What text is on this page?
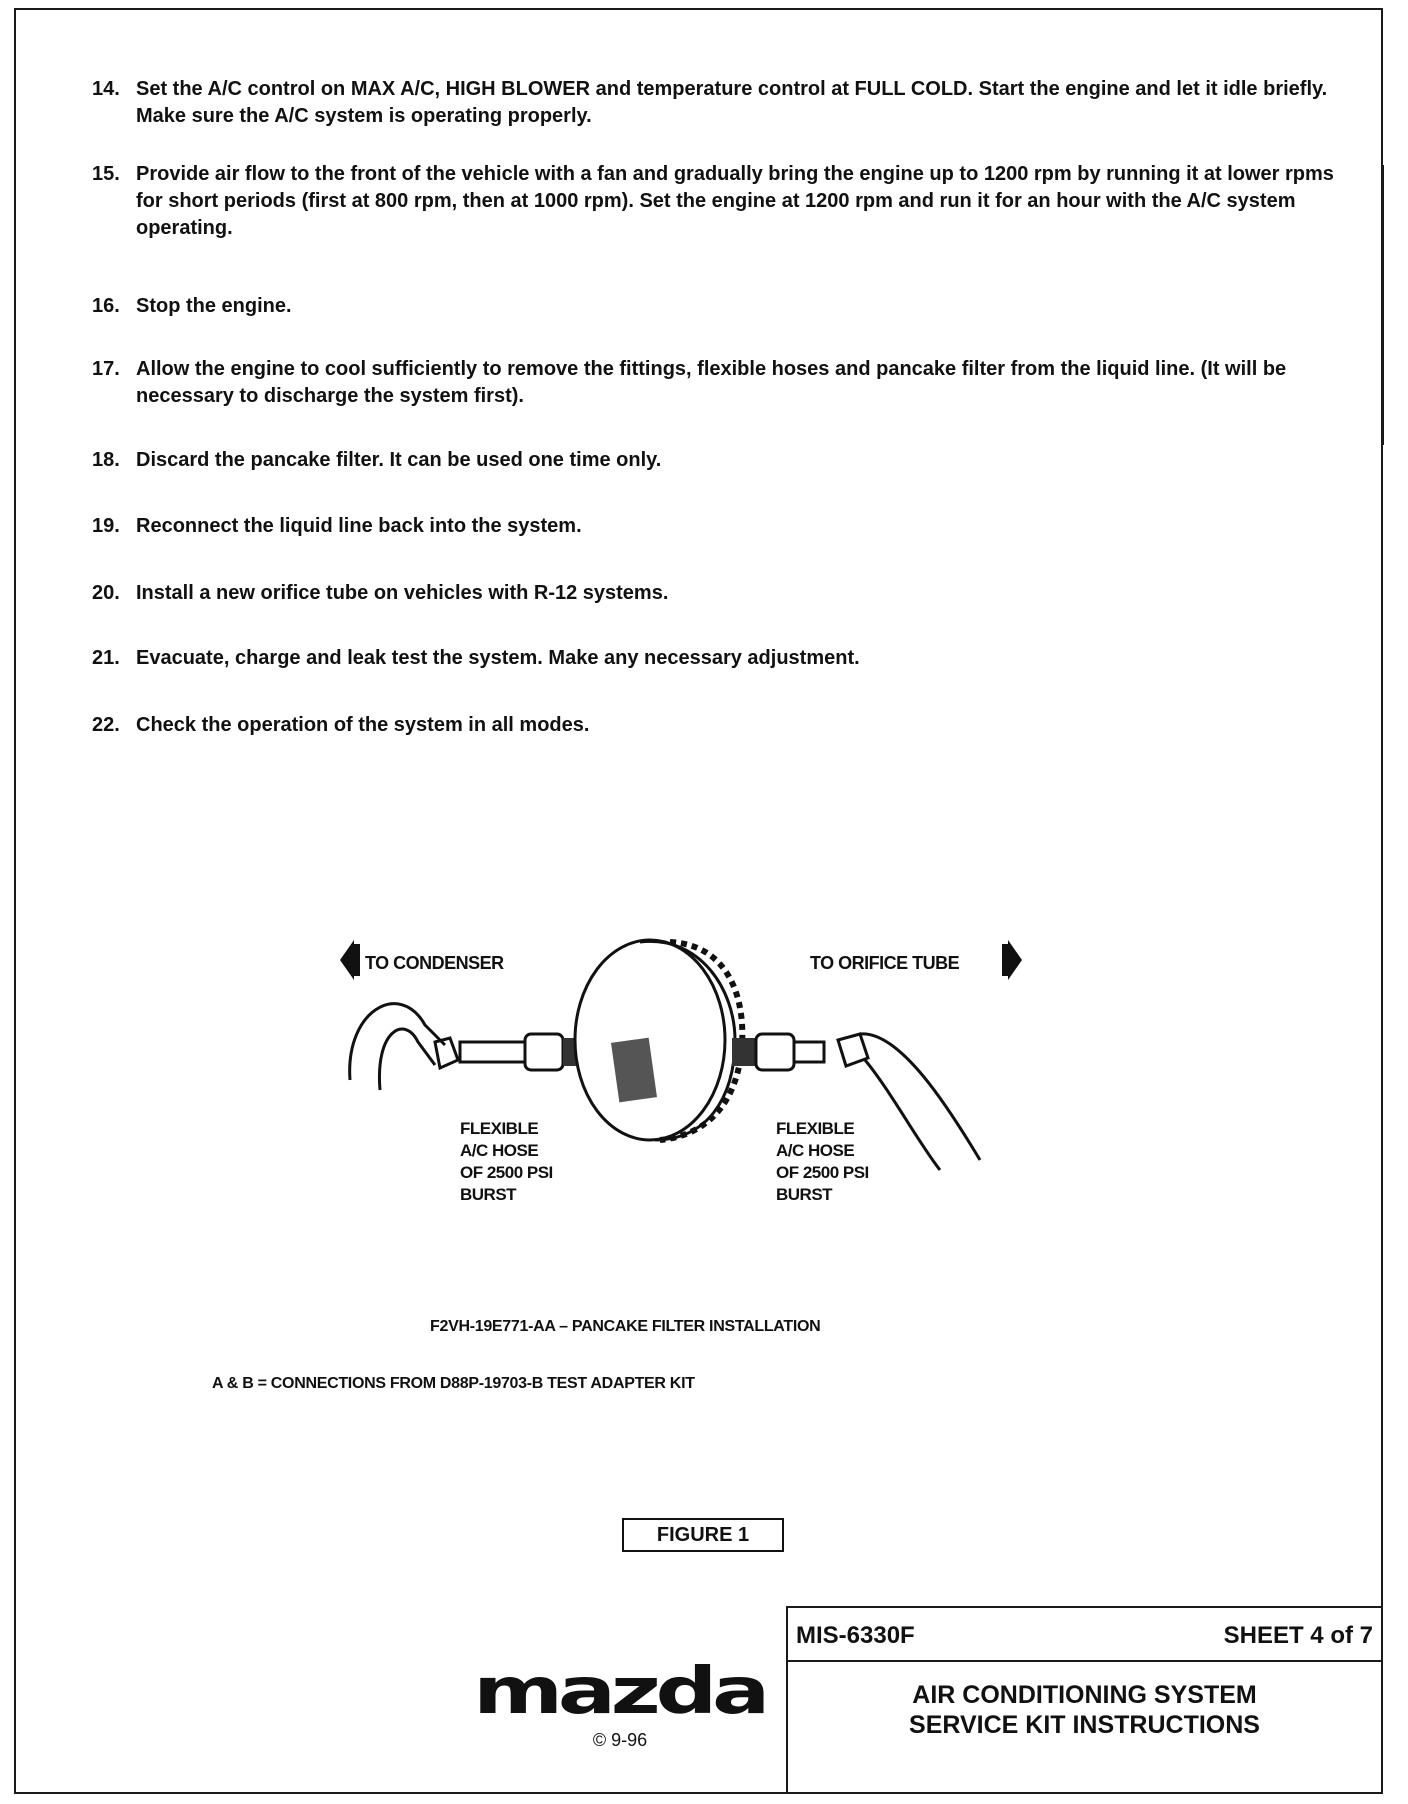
14. Set the A/C control on MAX A/C, HIGH BLOWER and temperature control at FULL COLD. Start the engine and let it idle briefly. Make sure the A/C system is operating properly.
15. Provide air flow to the front of the vehicle with a fan and gradually bring the engine up to 1200 rpm by running it at lower rpms for short periods (first at 800 rpm, then at 1000 rpm). Set the engine at 1200 rpm and run it for an hour with the A/C system operating.
16. Stop the engine.
17. Allow the engine to cool sufficiently to remove the fittings, flexible hoses and pancake filter from the liquid line. (It will be necessary to discharge the system first).
18. Discard the pancake filter. It can be used one time only.
19. Reconnect the liquid line back into the system.
20. Install a new orifice tube on vehicles with R-12 systems.
21. Evacuate, charge and leak test the system. Make any necessary adjustment.
22. Check the operation of the system in all modes.
TO CONDENSER	TO ORIFICE TUBE
FLEXIBLE
A/C HOSE
OF 2500 PSI
BURST
FLEXIBLE
A/C HOSE
OF 2500 PSI
BURST
F2VH-19E771-AA – PANCAKE FILTER INSTALLATION
A & B = CONNECTIONS FROM D88P-19703-B TEST ADAPTER KIT
FIGURE 1
mazda
© 9-96
MIS-6330F	SHEET 4 of 7
AIR CONDITIONING SYSTEM
SERVICE KIT INSTRUCTIONS
